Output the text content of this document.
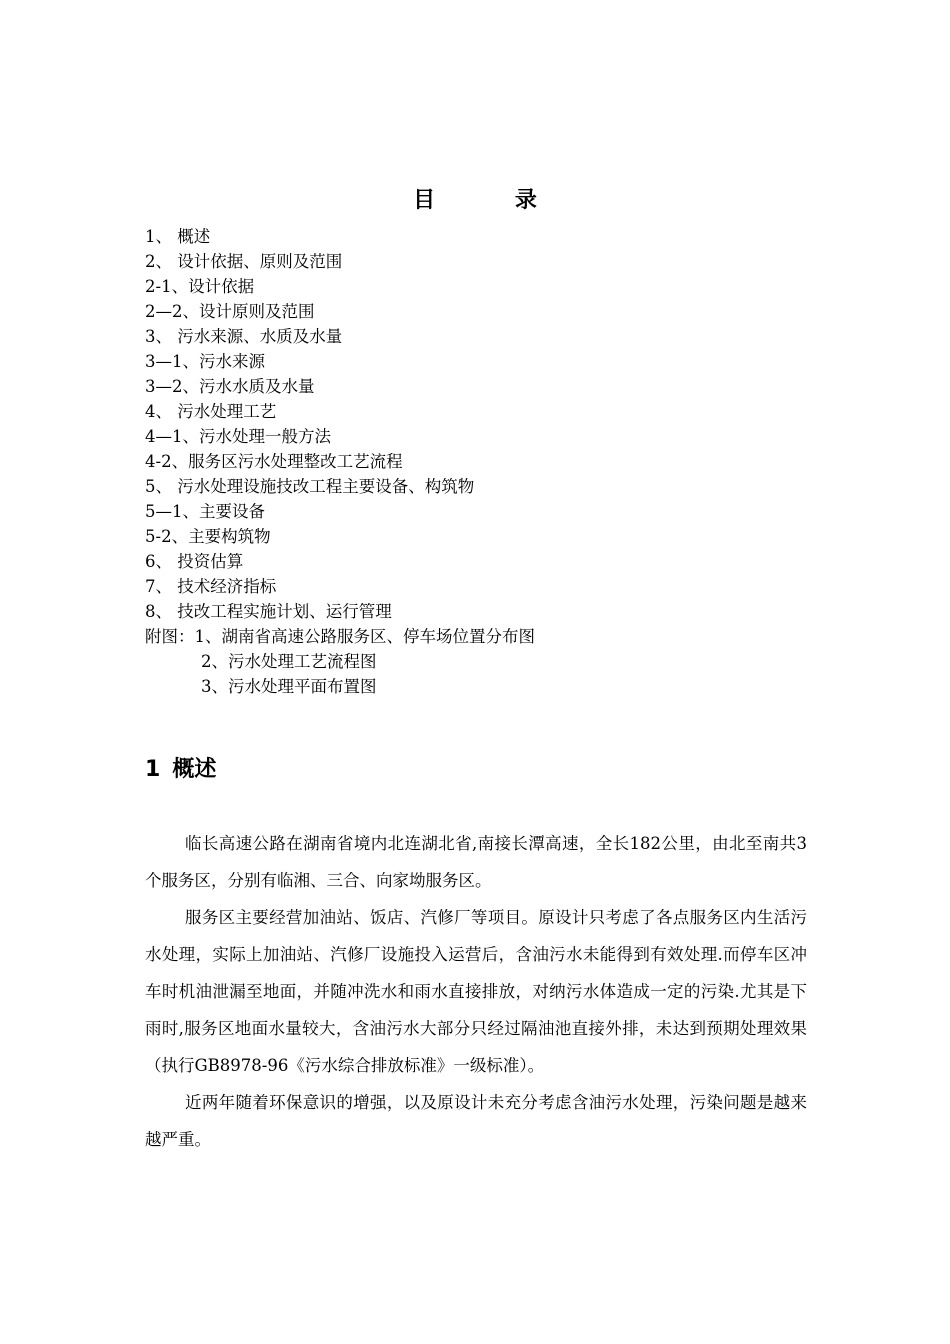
目 录
1、 概述
2、 设计依据、原则及范围
2-1、设计依据
2—2、设计原则及范围
3、 污水来源、水质及水量
3—1、污水来源
3—2、污水水质及水量
4、 污水处理工艺
4—1、污水处理一般方法
4-2、服务区污水处理整改工艺流程
5、 污水处理设施技改工程主要设备、构筑物
5—1、主要设备
5-2、主要构筑物
6、 投资估算
7、 技术经济指标
8、 技改工程实施计划、运行管理
附图：1、湖南省高速公路服务区、停车场位置分布图
2、污水处理工艺流程图
3、污水处理平面布置图
1 概述

临长高速公路在湖南省境内北连湖北省,南接长潭高速，全长182公里，由北至南共3个服务区，分别有临湘、三合、向家坳服务区。

服务区主要经营加油站、饭店、汽修厂等项目。原设计只考虑了各点服务区内生活污水处理，实际上加油站、汽修厂设施投入运营后，含油污水未能得到有效处理.而停车区冲车时机油泄漏至地面，并随冲洗水和雨水直接排放，对纳污水体造成一定的污染.尤其是下雨时,服务区地面水量较大，含油污水大部分只经过隔油池直接外排，未达到预期处理效果（执行GB8978-96《污水综合排放标准》一级标准）。

近两年随着环保意识的增强，以及原设计未充分考虑含油污水处理，污染问题是越来越严重。
